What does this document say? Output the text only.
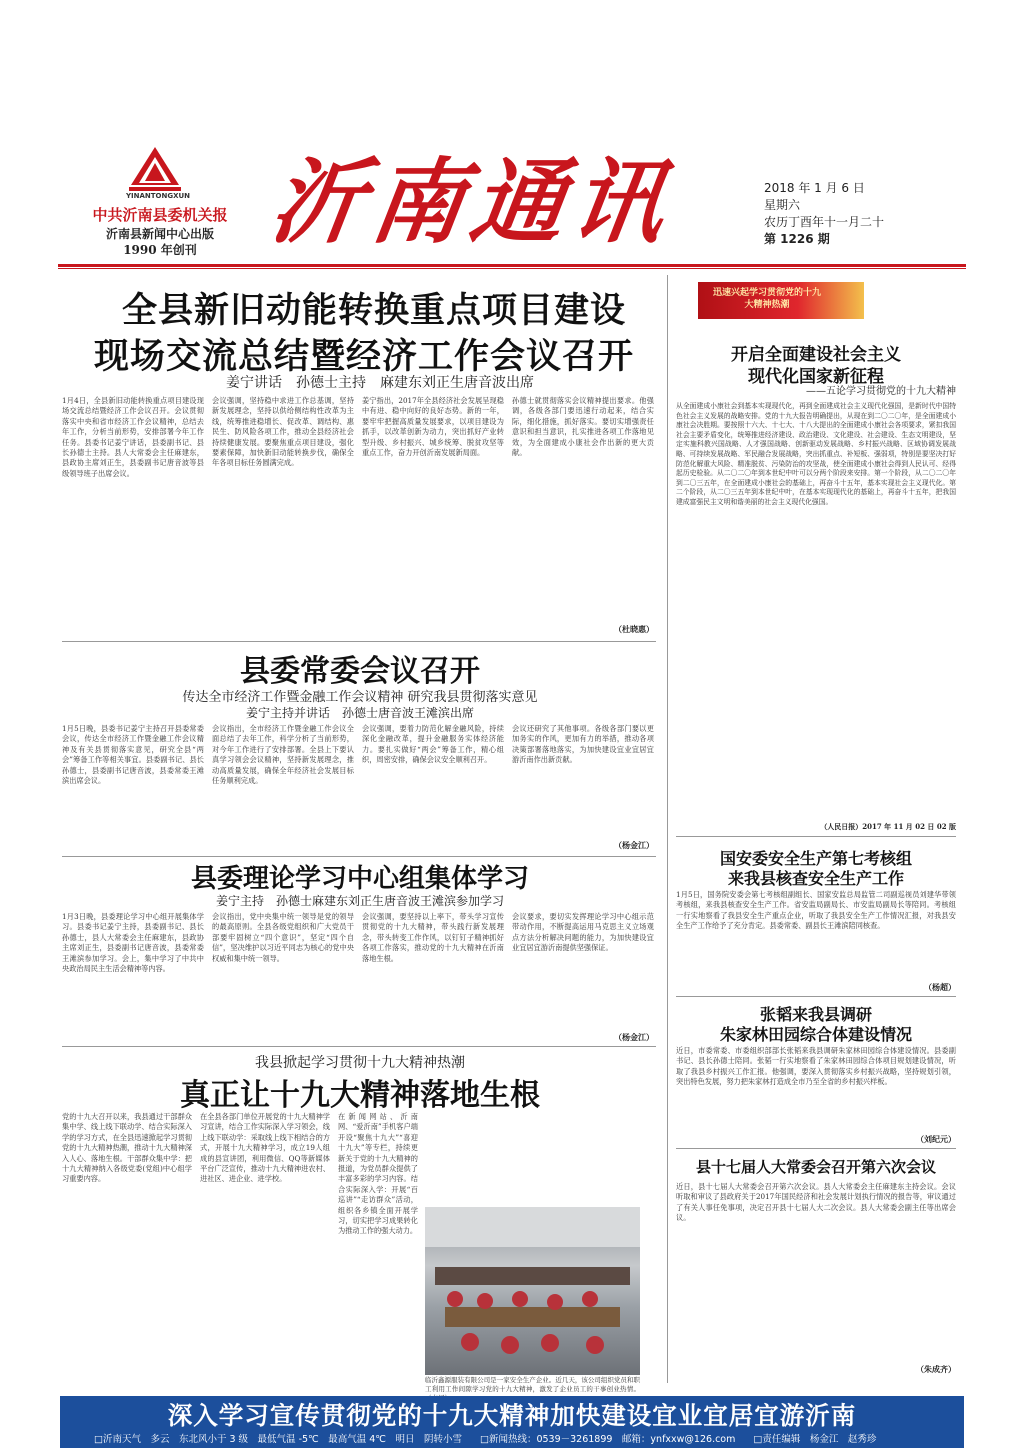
YINANTONGXUN
中共沂南县委机关报
沂南县新闻中心出版
1990 年创刊 沂南通讯	2018 年 1 月 6 日
星期六
农历丁酉年十一月二十
第 1226 期
全县新旧动能转换重点项目建设
现场交流总结暨经济工作会议召开
姜宁讲话　孙德士主持　麻建东刘正生唐音波出席
1月4日，全县新旧动能转换重点项目建设现场交流总结暨经济工作会议召开。会议贯彻落实中央和省市经济工作会议精神，总结去年工作，分析当前形势，安排部署今年工作任务。县委书记姜宁讲话，县委副书记、县长孙德士主持。县人大常委会主任麻建东，县政协主席刘正生，县委副书记唐音波等县级领导班子出席会议。
会议强调，坚持稳中求进工作总基调，坚持新发展理念，坚持以供给侧结构性改革为主线，统筹推进稳增长、促改革、调结构、惠民生、防风险各项工作，推动全县经济社会持续健康发展。要聚焦重点项目建设，强化要素保障，加快新旧动能转换步伐，确保全年各项目标任务圆满完成。
姜宁指出，2017年全县经济社会发展呈现稳中有进、稳中向好的良好态势。新的一年，要牢牢把握高质量发展要求，以项目建设为抓手，以改革创新为动力，突出抓好产业转型升级、乡村振兴、城乡统筹、脱贫攻坚等重点工作，奋力开创沂南发展新局面。
孙德士就贯彻落实会议精神提出要求。他强调，各级各部门要迅速行动起来，结合实际，细化措施，抓好落实。要切实增强责任意识和担当意识，扎实推进各项工作落地见效，为全面建成小康社会作出新的更大贡献。
（杜晓惠）
迅速兴起学习贯彻党的十九大精神热潮
开启全面建设社会主义
现代化国家新征程
——五论学习贯彻党的十九大精神
从全面建成小康社会到基本实现现代化，再到全面建成社会主义现代化强国，是新时代中国特色社会主义发展的战略安排。党的十九大报告明确提出，从现在到二〇二〇年，是全面建成小康社会决胜期。要按照十六大、十七大、十八大提出的全面建成小康社会各项要求，紧扣我国社会主要矛盾变化，统筹推进经济建设、政治建设、文化建设、社会建设、生态文明建设，坚定实施科教兴国战略、人才强国战略、创新驱动发展战略、乡村振兴战略、区域协调发展战略、可持续发展战略、军民融合发展战略，突出抓重点、补短板、强弱项，特别是要坚决打好防范化解重大风险、精准脱贫、污染防治的攻坚战，使全面建成小康社会得到人民认可、经得起历史检验。从二〇二〇年到本世纪中叶可以分两个阶段来安排。第一个阶段，从二〇二〇年到二〇三五年，在全面建成小康社会的基础上，再奋斗十五年，基本实现社会主义现代化。第二个阶段，从二〇三五年到本世纪中叶，在基本实现现代化的基础上，再奋斗十五年，把我国建成富强民主文明和谐美丽的社会主义现代化强国。
（人民日报）2017 年 11 月 02 日 02 版
县委常委会议召开
传达全市经济工作暨金融工作会议精神 研究我县贯彻落实意见
姜宁主持并讲话　孙德士唐音波王滩滨出席
1月5日晚，县委书记姜宁主持召开县委常委会议，传达全市经济工作暨金融工作会议精神及有关县贯彻落实意见，研究全县“两会”筹备工作等相关事宜。县委副书记、县长孙德士，县委副书记唐音波，县委常委王滩滨出席会议。
会议指出，全市经济工作暨金融工作会议全面总结了去年工作，科学分析了当前形势，对今年工作进行了安排部署。全县上下要认真学习领会会议精神，坚持新发展理念，推动高质量发展，确保全年经济社会发展目标任务顺利完成。
会议强调，要着力防范化解金融风险，持续深化金融改革，提升金融服务实体经济能力。要扎实做好“两会”筹备工作，精心组织，周密安排，确保会议安全顺利召开。
会议还研究了其他事项。各级各部门要以更加务实的作风，更加有力的举措，推动各项决策部署落地落实，为加快建设宜业宜居宜游沂南作出新贡献。
（杨金江）
县委理论学习中心组集体学习
姜宁主持　孙德士麻建东刘正生唐音波王滩滨参加学习
1月3日晚，县委理论学习中心组开展集体学习。县委书记姜宁主持，县委副书记、县长孙德士，县人大常委会主任麻建东，县政协主席刘正生，县委副书记唐音波，县委常委王滩滨参加学习。会上，集中学习了中共中央政治局民主生活会精神等内容。
会议指出，党中央集中统一领导是党的领导的最高原则。全县各级党组织和广大党员干部要牢固树立“四个意识”，坚定“四个自信”，坚决维护以习近平同志为核心的党中央权威和集中统一领导。
会议强调，要坚持以上率下，带头学习宣传贯彻党的十九大精神，带头践行新发展理念，带头转变工作作风，以钉钉子精神抓好各项工作落实，推动党的十九大精神在沂南落地生根。
会议要求，要切实发挥理论学习中心组示范带动作用，不断提高运用马克思主义立场观点方法分析解决问题的能力，为加快建设宜业宜居宜游沂南提供坚强保证。
（杨金江）
我县掀起学习贯彻十九大精神热潮
真正让十九大精神落地生根
党的十九大召开以来，我县通过干部群众集中学、线上线下联动学、结合实际深入学的学习方式，在全县迅速掀起学习贯彻党的十九大精神热潮，推动十九大精神深入人心、落地生根。干部群众集中学：把十九大精神纳入各级党委(党组)中心组学习重要内容。
在全县各部门单位开展党的十九大精神学习宣讲，结合工作实际深入学习领会，线上线下联动学：采取线上线下相结合的方式，开展十九大精神学习，成立19人组成的县宣讲团，利用微信、QQ等新媒体平台广泛宣传，推动十九大精神进农村、进社区、进企业、进学校。
在新闻网站、沂南网、“爱沂南”手机客户端开设“聚焦十九大”“喜迎十九大”等专栏，持续更新关于党的十九大精神的报道，为党员群众提供了丰富多彩的学习内容。结合实际深入学：开展“百巡讲”“走访群众”活动，组织各乡镇全面开展学习，切实把学习成果转化为推动工作的强大动力。
临沂鑫源服装有限公司是一家安全生产企业。近几天，该公司组织党员和职工利用工作间隙学习党的十九大精神，激发了企业员工的干事创业热情。
国安委安全生产第七考核组
来我县核查安全生产工作
1月5日，国务院安委会第七考核组副组长、国家安监总局监管二司副巡视员刘建华带领考核组，来我县核查安全生产工作。省安监局副局长、市安监局副局长等陪同。考核组一行实地察看了我县安全生产重点企业，听取了我县安全生产工作情况汇报，对我县安全生产工作给予了充分肯定。县委常委、副县长王滩滨陪同核查。
（杨超）
张韬来我县调研
朱家林田园综合体建设情况
近日，市委常委、市委组织部部长张韬来我县调研朱家林田园综合体建设情况。县委副书记、县长孙德士陪同。张韬一行实地察看了朱家林田园综合体项目规划建设情况，听取了我县乡村振兴工作汇报。他强调，要深入贯彻落实乡村振兴战略，坚持规划引领，突出特色发展，努力把朱家林打造成全市乃至全省的乡村振兴样板。
（刘纪元）
县十七届人大常委会召开第六次会议
近日，县十七届人大常委会召开第六次会议。县人大常委会主任麻建东主持会议。会议听取和审议了县政府关于2017年国民经济和社会发展计划执行情况的报告等，审议通过了有关人事任免事项，决定召开县十七届人大二次会议。县人大常委会副主任等出席会议。
（朱成齐）
深入学习宣传贯彻党的十九大精神加快建设宜业宜居宜游沂南
□沂南天气　多云　东北风小于 3 级　最低气温 -5℃　最高气温 4℃　明日　阴转小雪 □新闻热线：0539－3261899　邮箱：ynfxxw@126.com □责任编辑　杨金江　赵秀珍
